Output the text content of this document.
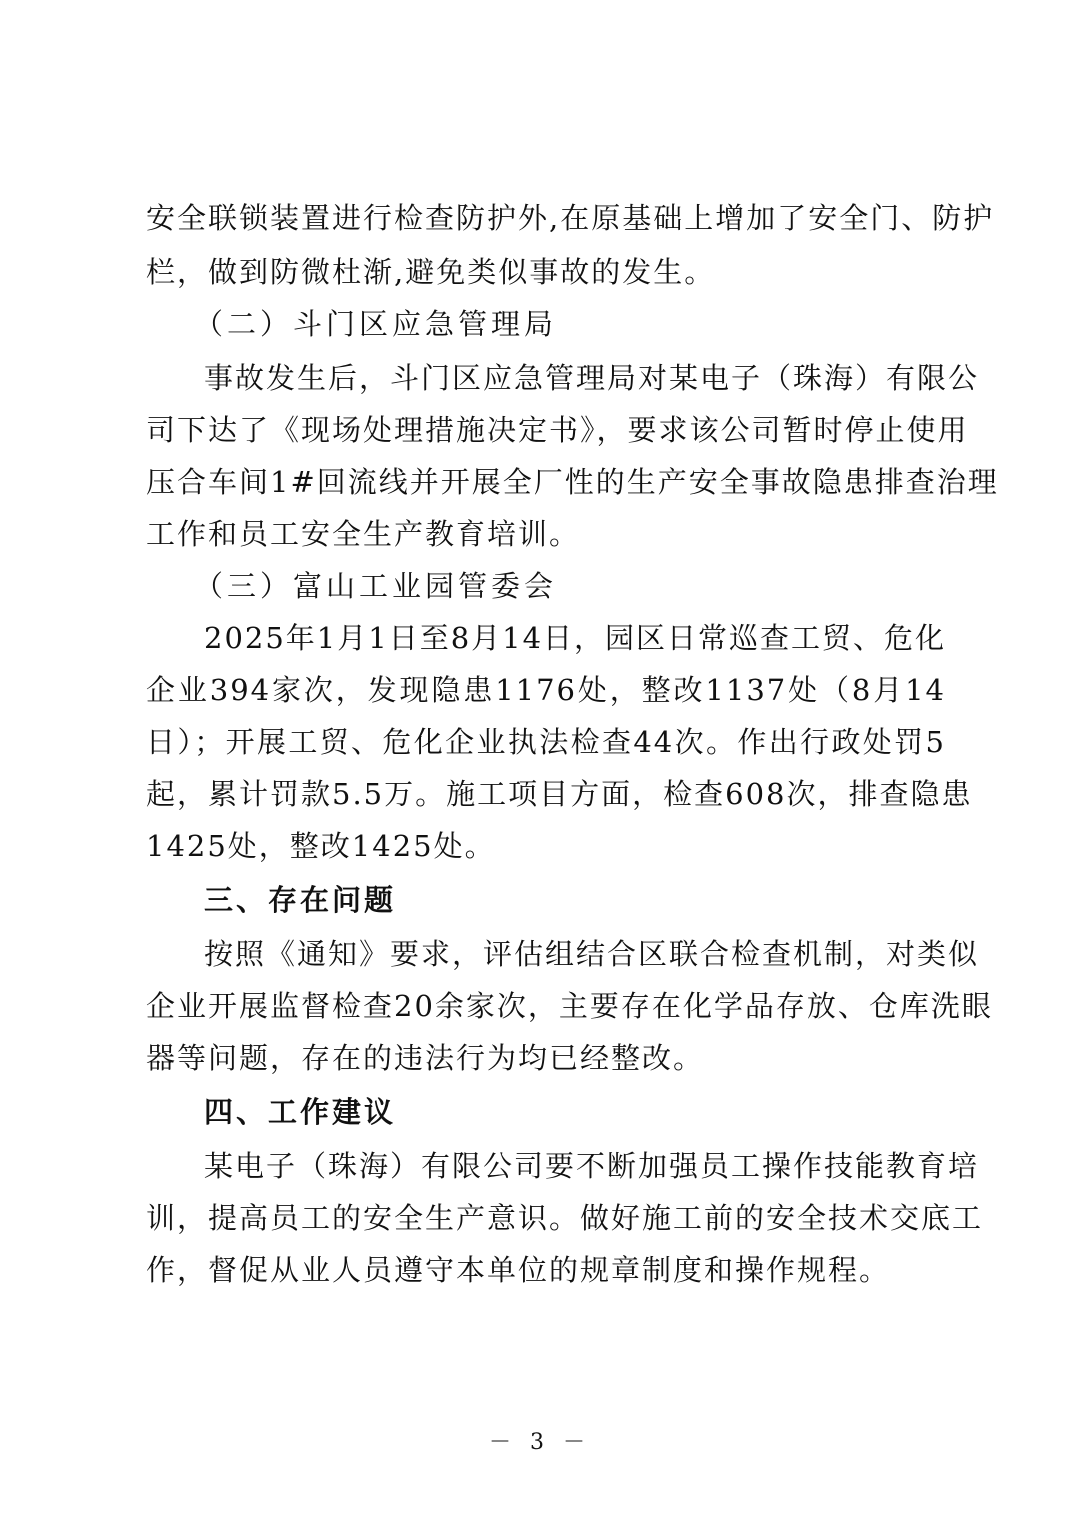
安全联锁装置进行检查防护外,在原基础上增加了安全门、防护
栏，做到防微杜渐,避免类似事故的发生。
（二）斗门区应急管理局
事故发生后，斗门区应急管理局对某电子（珠海）有限公
司下达了《现场处理措施决定书》，要求该公司暂时停止使用
压合车间1#回流线并开展全厂性的生产安全事故隐患排查治理
工作和员工安全生产教育培训。
（三）富山工业园管委会
2025年1月1日至8月14日，园区日常巡查工贸、危化
企业394家次，发现隐患1176处，整改1137处（8月14
日）；开展工贸、危化企业执法检查44次。作出行政处罚5
起，累计罚款5.5万。施工项目方面，检查608次，排查隐患
1425处，整改1425处。
三、存在问题
按照《通知》要求，评估组结合区联合检查机制，对类似
企业开展监督检查20余家次，主要存在化学品存放、仓库洗眼
器等问题，存在的违法行为均已经整改。
四、工作建议
某电子（珠海）有限公司要不断加强员工操作技能教育培
训，提高员工的安全生产意识。做好施工前的安全技术交底工
作，督促从业人员遵守本单位的规章制度和操作规程。
－ 3 －
